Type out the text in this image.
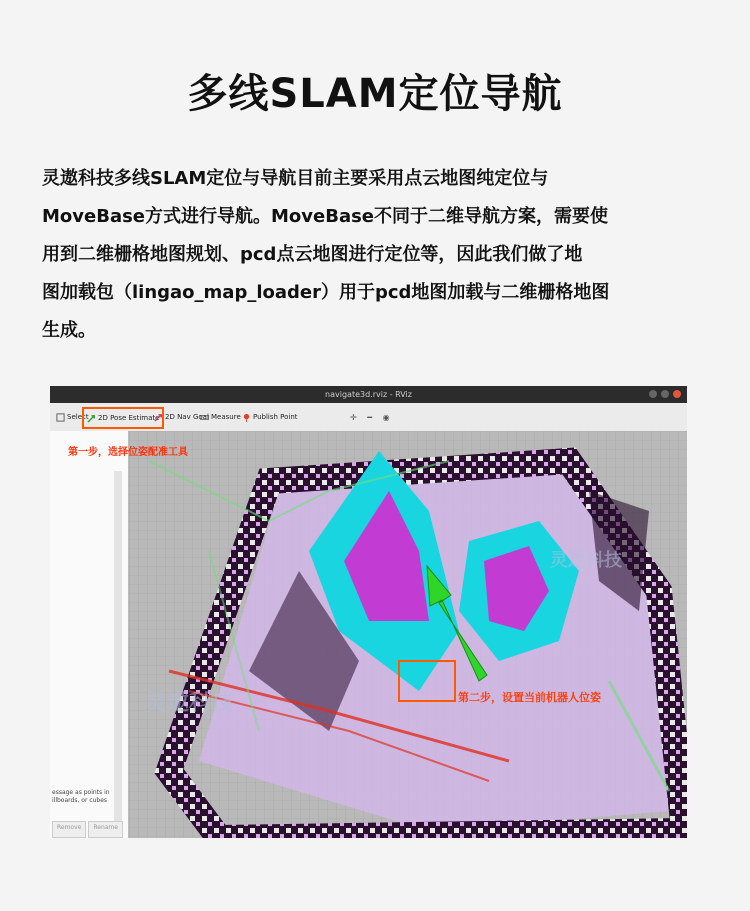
多线SLAM定位导航
灵遨科技多线SLAM定位与导航目前主要采用点云地图纯定位与
MoveBase方式进行导航。MoveBase不同于二维导航方案，需要使
用到二维栅格地图规划、pcd点云地图进行定位等，因此我们做了地
图加载包（lingao_map_loader）用于pcd地图加载与二维栅格地图
生成。
navigate3d.rviz - RViz
Select 2D Pose Estimate 2D Nav Goal Measure Publish Point	✛ ━ ◉
essage as points in
illboards, or cubes
Remove	Rename
第一步，选择位姿配准工具
第二步，设置当前机器人位姿
灵遨科技
灵遨科技
